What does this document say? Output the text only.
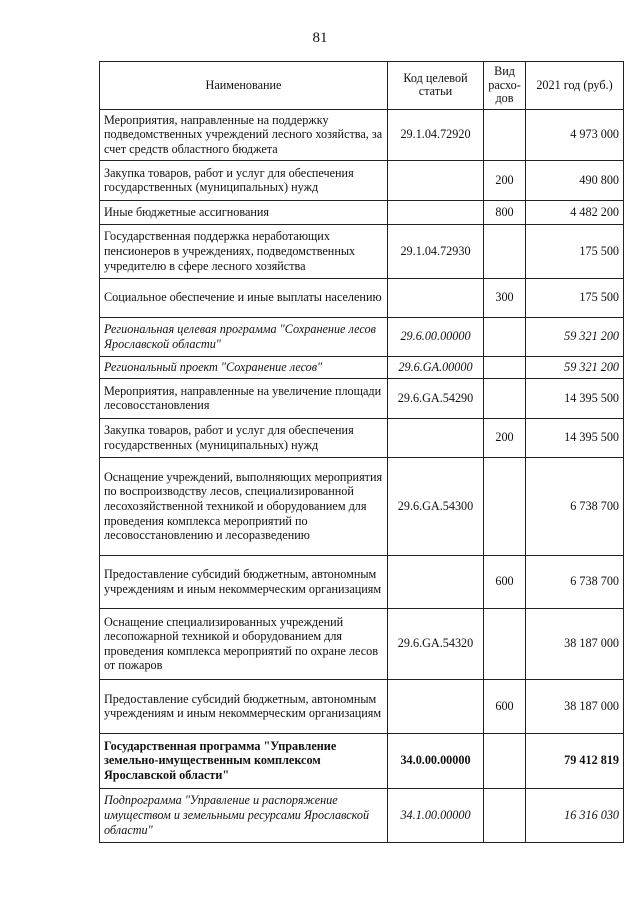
81
Наименование	Код целевой статьи	Вид расхо-дов	2021 год (руб.)
Мероприятия, направленные на поддержку подведомственных учреждений лесного хозяйства, за счет средств областного бюджета	29.1.04.72920		4 973 000
Закупка товаров, работ и услуг для обеспечения государственных (муниципальных) нужд		200	490 800
Иные бюджетные ассигнования		800	4 482 200
Государственная поддержка неработающих пенсионеров в учреждениях, подведомственных учредителю в сфере лесного хозяйства	29.1.04.72930		175 500
Социальное обеспечение и иные выплаты населению		300	175 500
Региональная целевая программа "Сохранение лесов Ярославской области"	29.6.00.00000		59 321 200
Региональный проект "Сохранение лесов"	29.6.GA.00000		59 321 200
Мероприятия, направленные на увеличение площади лесовосстановления	29.6.GA.54290		14 395 500
Закупка товаров, работ и услуг для обеспечения государственных (муниципальных) нужд		200	14 395 500
Оснащение учреждений, выполняющих мероприятия по воспроизводству лесов, специализированной лесохозяйственной техникой и оборудованием для проведения комплекса мероприятий по лесовосстановлению и лесоразведению	29.6.GA.54300		6 738 700
Предоставление субсидий бюджетным, автономным учреждениям и иным некоммерческим организациям		600	6 738 700
Оснащение специализированных учреждений лесопожарной техникой и оборудованием для проведения комплекса мероприятий по охране лесов от пожаров	29.6.GA.54320		38 187 000
Предоставление субсидий бюджетным, автономным учреждениям и иным некоммерческим организациям		600	38 187 000
Государственная программа "Управление земельно-имущественным комплексом Ярославской области"	34.0.00.00000		79 412 819
Подпрограмма "Управление и распоряжение имуществом и земельными ресурсами Ярославской области"	34.1.00.00000		16 316 030
